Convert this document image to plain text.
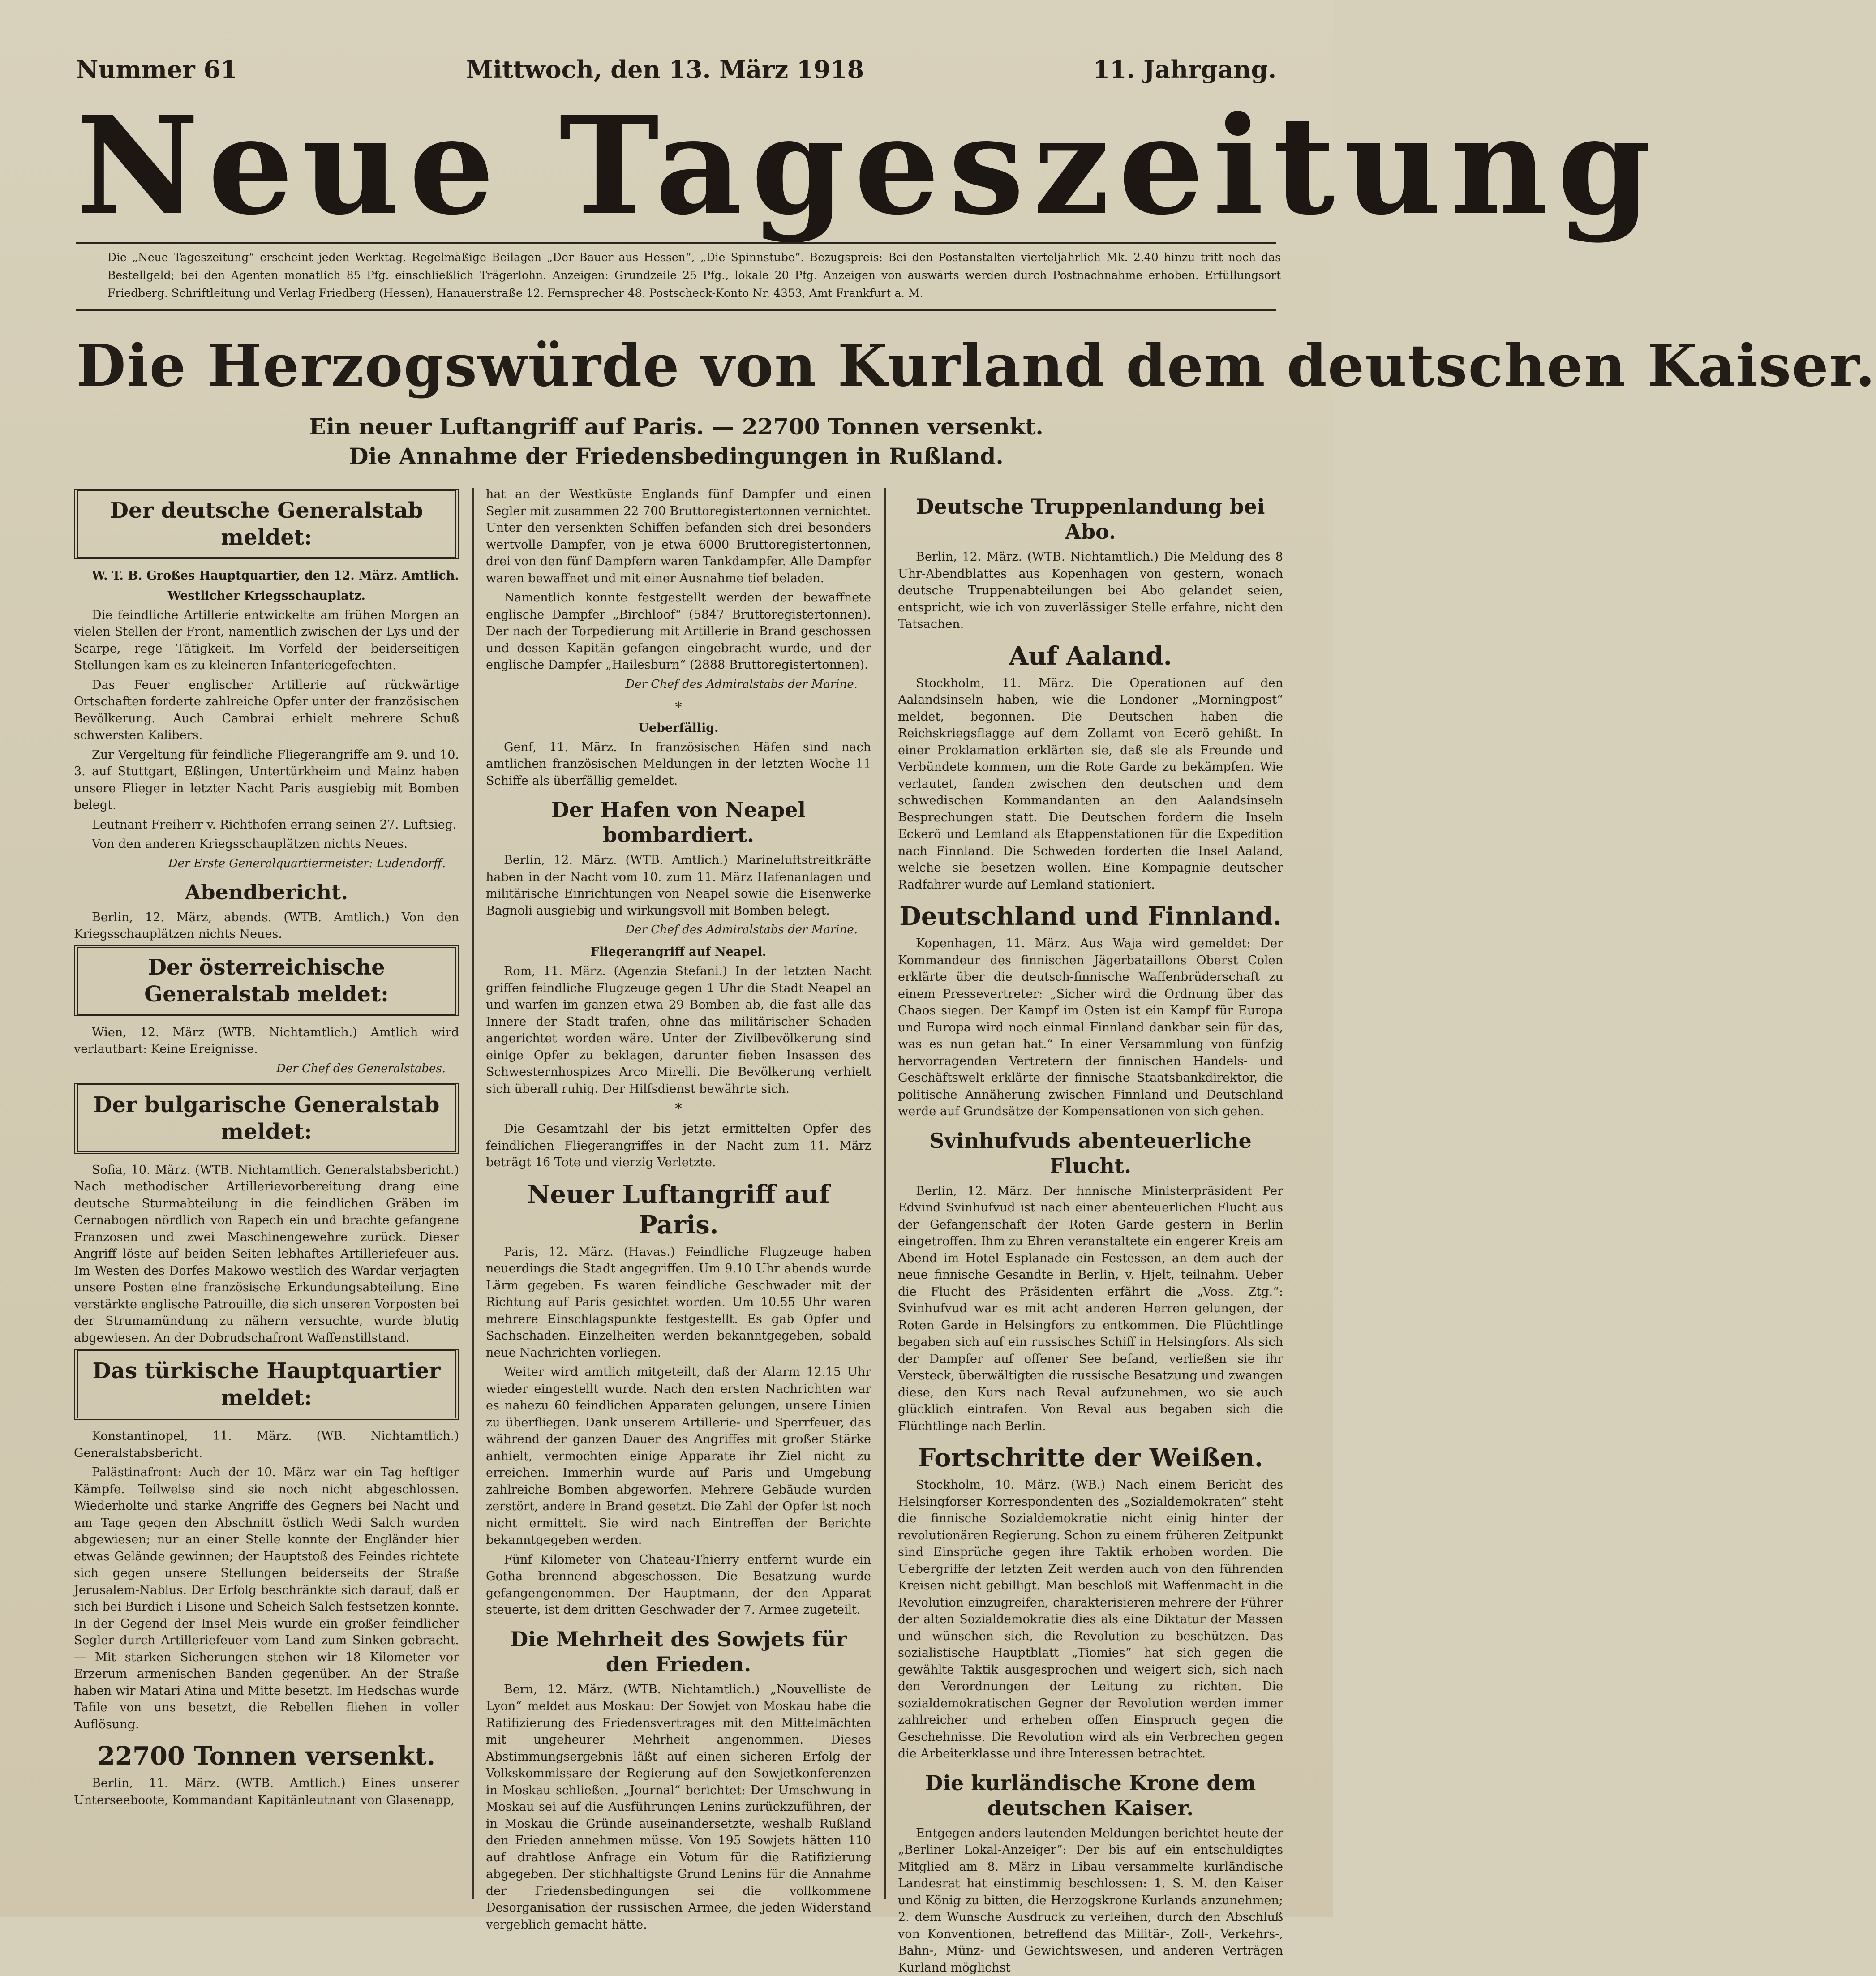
Nummer 61	Mittwoch, den 13. März 1918	11. Jahrgang.
Neue Tageszeitung
Die „Neue Tageszeitung“ erscheint jeden Werktag. Regelmäßige Beilagen „Der Bauer aus Hessen“, „Die Spinnstube“. Bezugspreis: Bei den Postanstalten vierteljährlich Mk. 2.40 hinzu tritt noch das Bestellgeld; bei den Agenten monatlich 85 Pfg. einschließlich Trägerlohn. Anzeigen: Grundzeile 25 Pfg., lokale 20 Pfg. Anzeigen von auswärts werden durch Postnachnahme erhoben. Erfüllungsort Friedberg. Schriftleitung und Verlag Friedberg (Hessen), Hanauerstraße 12. Fernsprecher 48. Postscheck-Konto Nr. 4353, Amt Frankfurt a. M.
Die Herzogswürde von Kurland dem deutschen Kaiser.
Ein neuer Luftangriff auf Paris. — 22700 Tonnen versenkt.
Die Annahme der Friedensbedingungen in Rußland.
Der deutsche Generalstab meldet:

W. T. B. Großes Hauptquartier, den 12. März. Amtlich.

Westlicher Kriegsschauplatz.

Die feindliche Artillerie entwickelte am frühen Morgen an vielen Stellen der Front, namentlich zwischen der Lys und der Scarpe, rege Tätigkeit. Im Vorfeld der beiderseitigen Stellungen kam es zu kleineren Infanteriegefechten.

Das Feuer englischer Artillerie auf rückwärtige Ortschaften forderte zahlreiche Opfer unter der französischen Bevölkerung. Auch Cambrai erhielt mehrere Schuß schwersten Kalibers.

Zur Vergeltung für feindliche Fliegerangriffe am 9. und 10. 3. auf Stuttgart, Eßlingen, Untertürkheim und Mainz haben unsere Flieger in letzter Nacht Paris ausgiebig mit Bomben belegt.

Leutnant Freiherr v. Richthofen errang seinen 27. Luftsieg.

Von den anderen Kriegsschauplätzen nichts Neues.

Der Erste Generalquartiermeister: Ludendorff.
Abendbericht.

Berlin, 12. März, abends. (WTB. Amtlich.) Von den Kriegsschauplätzen nichts Neues.

Der österreichische Generalstab meldet:

Wien, 12. März (WTB. Nichtamtlich.) Amtlich wird verlautbart: Keine Ereignisse.

Der Chef des Generalstabes.
Der bulgarische Generalstab meldet:

Sofia, 10. März. (WTB. Nichtamtlich. Generalstabsbericht.) Nach methodischer Artillerievorbereitung drang eine deutsche Sturmabteilung in die feindlichen Gräben im Cernabogen nördlich von Rapech ein und brachte gefangene Franzosen und zwei Maschinengewehre zurück. Dieser Angriff löste auf beiden Seiten lebhaftes Artilleriefeuer aus. Im Westen des Dorfes Makowo westlich des Wardar verjagten unsere Posten eine französische Erkundungsabteilung. Eine verstärkte englische Patrouille, die sich unseren Vorposten bei der Strumamündung zu nähern versuchte, wurde blutig abgewiesen. An der Dobrudschafront Waffenstillstand.

Das türkische Hauptquartier meldet:

Konstantinopel, 11. März. (WB. Nichtamtlich.) Generalstabsbericht.

Palästinafront: Auch der 10. März war ein Tag heftiger Kämpfe. Teilweise sind sie noch nicht abgeschlossen. Wiederholte und starke Angriffe des Gegners bei Nacht und am Tage gegen den Abschnitt östlich Wedi Salch wurden abgewiesen; nur an einer Stelle konnte der Engländer hier etwas Gelände gewinnen; der Hauptstoß des Feindes richtete sich gegen unsere Stellungen beiderseits der Straße Jerusalem-Nablus. Der Erfolg beschränkte sich darauf, daß er sich bei Burdich i Lisone und Scheich Salch festsetzen konnte. In der Gegend der Insel Meis wurde ein großer feindlicher Segler durch Artilleriefeuer vom Land zum Sinken gebracht. — Mit starken Sicherungen stehen wir 18 Kilometer vor Erzerum armenischen Banden gegenüber. An der Straße haben wir Matari Atina und Mitte besetzt. Im Hedschas wurde Tafile von uns besetzt, die Rebellen fliehen in voller Auflösung.

22700 Tonnen versenkt.

Berlin, 11. März. (WTB. Amtlich.) Eines unserer Unterseeboote, Kommandant Kapitänleutnant von Glasenapp,

hat an der Westküste Englands fünf Dampfer und einen Segler mit zusammen 22 700 Bruttoregistertonnen vernichtet. Unter den versenkten Schiffen befanden sich drei besonders wertvolle Dampfer, von je etwa 6000 Bruttoregistertonnen, drei von den fünf Dampfern waren Tankdampfer. Alle Dampfer waren bewaffnet und mit einer Ausnahme tief beladen.

Namentlich konnte festgestellt werden der bewaffnete englische Dampfer „Birchloof“ (5847 Bruttoregistertonnen). Der nach der Torpedierung mit Artillerie in Brand geschossen und dessen Kapitän gefangen eingebracht wurde, und der englische Dampfer „Hailesburn“ (2888 Bruttoregistertonnen).

Der Chef des Admiralstabs der Marine.
*
Ueberfällig.

Genf, 11. März. In französischen Häfen sind nach amtlichen französischen Meldungen in der letzten Woche 11 Schiffe als überfällig gemeldet.

Der Hafen von Neapel bombardiert.

Berlin, 12. März. (WTB. Amtlich.) Marineluftstreitkräfte haben in der Nacht vom 10. zum 11. März Hafenanlagen und militärische Einrichtungen von Neapel sowie die Eisenwerke Bagnoli ausgiebig und wirkungsvoll mit Bomben belegt.

Der Chef des Admiralstabs der Marine.
Fliegerangriff auf Neapel.

Rom, 11. März. (Agenzia Stefani.) In der letzten Nacht griffen feindliche Flugzeuge gegen 1 Uhr die Stadt Neapel an und warfen im ganzen etwa 29 Bomben ab, die fast alle das Innere der Stadt trafen, ohne das militärischer Schaden angerichtet worden wäre. Unter der Zivilbevölkerung sind einige Opfer zu beklagen, darunter fieben Insassen des Schwesternhospizes Arco Mirelli. Die Bevölkerung verhielt sich überall ruhig. Der Hilfsdienst bewährte sich.

*

Die Gesamtzahl der bis jetzt ermittelten Opfer des feindlichen Fliegerangriffes in der Nacht zum 11. März beträgt 16 Tote und vierzig Verletzte.

Neuer Luftangriff auf Paris.

Paris, 12. März. (Havas.) Feindliche Flugzeuge haben neuerdings die Stadt angegriffen. Um 9.10 Uhr abends wurde Lärm gegeben. Es waren feindliche Geschwader mit der Richtung auf Paris gesichtet worden. Um 10.55 Uhr waren mehrere Einschlagspunkte festgestellt. Es gab Opfer und Sachschaden. Einzelheiten werden bekanntgegeben, sobald neue Nachrichten vorliegen.

Weiter wird amtlich mitgeteilt, daß der Alarm 12.15 Uhr wieder eingestellt wurde. Nach den ersten Nachrichten war es nahezu 60 feindlichen Apparaten gelungen, unsere Linien zu überfliegen. Dank unserem Artillerie- und Sperrfeuer, das während der ganzen Dauer des Angriffes mit großer Stärke anhielt, vermochten einige Apparate ihr Ziel nicht zu erreichen. Immerhin wurde auf Paris und Umgebung zahlreiche Bomben abgeworfen. Mehrere Gebäude wurden zerstört, andere in Brand gesetzt. Die Zahl der Opfer ist noch nicht ermittelt. Sie wird nach Eintreffen der Berichte bekanntgegeben werden.

Fünf Kilometer von Chateau-Thierry entfernt wurde ein Gotha brennend abgeschossen. Die Besatzung wurde gefangengenommen. Der Hauptmann, der den Apparat steuerte, ist dem dritten Geschwader der 7. Armee zugeteilt.

Die Mehrheit des Sowjets für den Frieden.

Bern, 12. März. (WTB. Nichtamtlich.) „Nouvelliste de Lyon“ meldet aus Moskau: Der Sowjet von Moskau habe die Ratifizierung des Friedensvertrages mit den Mittelmächten mit ungeheurer Mehrheit angenommen. Dieses Abstimmungsergebnis läßt auf einen sicheren Erfolg der Volkskommissare der Regierung auf den Sowjetkonferenzen in Moskau schließen. „Journal“ berichtet: Der Umschwung in Moskau sei auf die Ausführungen Lenins zurückzuführen, der in Moskau die Gründe auseinandersetzte, weshalb Rußland den Frieden annehmen müsse. Von 195 Sowjets hätten 110 auf drahtlose Anfrage ein Votum für die Ratifizierung abgegeben. Der stichhaltigste Grund Lenins für die Annahme der Friedensbedingungen sei die vollkommene Desorganisation der russischen Armee, die jeden Widerstand vergeblich gemacht hätte.

Deutsche Truppenlandung bei Abo.

Berlin, 12. März. (WTB. Nichtamtlich.) Die Meldung des 8 Uhr-Abendblattes aus Kopenhagen von gestern, wonach deutsche Truppenabteilungen bei Abo gelandet seien, entspricht, wie ich von zuverlässiger Stelle erfahre, nicht den Tatsachen.

Auf Aaland.

Stockholm, 11. März. Die Operationen auf den Aalandsinseln haben, wie die Londoner „Morningpost“ meldet, begonnen. Die Deutschen haben die Reichskriegsflagge auf dem Zollamt von Ecerö gehißt. In einer Proklamation erklärten sie, daß sie als Freunde und Verbündete kommen, um die Rote Garde zu bekämpfen. Wie verlautet, fanden zwischen den deutschen und dem schwedischen Kommandanten an den Aalandsinseln Besprechungen statt. Die Deutschen fordern die Inseln Eckerö und Lemland als Etappenstationen für die Expedition nach Finnland. Die Schweden forderten die Insel Aaland, welche sie besetzen wollen. Eine Kompagnie deutscher Radfahrer wurde auf Lemland stationiert.

Deutschland und Finnland.

Kopenhagen, 11. März. Aus Waja wird gemeldet: Der Kommandeur des finnischen Jägerbataillons Oberst Colen erklärte über die deutsch-finnische Waffenbrüderschaft zu einem Pressevertreter: „Sicher wird die Ordnung über das Chaos siegen. Der Kampf im Osten ist ein Kampf für Europa und Europa wird noch einmal Finnland dankbar sein für das, was es nun getan hat.“ In einer Versammlung von fünfzig hervorragenden Vertretern der finnischen Handels- und Geschäftswelt erklärte der finnische Staatsbankdirektor, die politische Annäherung zwischen Finnland und Deutschland werde auf Grundsätze der Kompensationen von sich gehen.

Svinhufvuds abenteuerliche Flucht.

Berlin, 12. März. Der finnische Ministerpräsident Per Edvind Svinhufvud ist nach einer abenteuerlichen Flucht aus der Gefangenschaft der Roten Garde gestern in Berlin eingetroffen. Ihm zu Ehren veranstaltete ein engerer Kreis am Abend im Hotel Esplanade ein Festessen, an dem auch der neue finnische Gesandte in Berlin, v. Hjelt, teilnahm. Ueber die Flucht des Präsidenten erfährt die „Voss. Ztg.“: Svinhufvud war es mit acht anderen Herren gelungen, der Roten Garde in Helsingfors zu entkommen. Die Flüchtlinge begaben sich auf ein russisches Schiff in Helsingfors. Als sich der Dampfer auf offener See befand, verließen sie ihr Versteck, überwältigten die russische Besatzung und zwangen diese, den Kurs nach Reval aufzunehmen, wo sie auch glücklich eintrafen. Von Reval aus begaben sich die Flüchtlinge nach Berlin.

Fortschritte der Weißen.

Stockholm, 10. März. (WB.) Nach einem Bericht des Helsingforser Korrespondenten des „Sozialdemokraten“ steht die finnische Sozialdemokratie nicht einig hinter der revolutionären Regierung. Schon zu einem früheren Zeitpunkt sind Einsprüche gegen ihre Taktik erhoben worden. Die Uebergriffe der letzten Zeit werden auch von den führenden Kreisen nicht gebilligt. Man beschloß mit Waffenmacht in die Revolution einzugreifen, charakterisieren mehrere der Führer der alten Sozialdemokratie dies als eine Diktatur der Massen und wünschen sich, die Revolution zu beschützen. Das sozialistische Hauptblatt „Tiomies“ hat sich gegen die gewählte Taktik ausgesprochen und weigert sich, sich nach den Verordnungen der Leitung zu richten. Die sozialdemokratischen Gegner der Revolution werden immer zahlreicher und erheben offen Einspruch gegen die Geschehnisse. Die Revolution wird als ein Verbrechen gegen die Arbeiterklasse und ihre Interessen betrachtet.

Die kurländische Krone dem deutschen Kaiser.

Entgegen anders lautenden Meldungen berichtet heute der „Berliner Lokal-Anzeiger“: Der bis auf ein entschuldigtes Mitglied am 8. März in Libau versammelte kurländische Landesrat hat einstimmig beschlossen: 1. S. M. den Kaiser und König zu bitten, die Herzogskrone Kurlands anzunehmen; 2. dem Wunsche Ausdruck zu verleihen, durch den Abschluß von Konventionen, betreffend das Militär-, Zoll-, Verkehrs-, Bahn-, Münz- und Gewichtswesen, und anderen Verträgen Kurland möglichst
